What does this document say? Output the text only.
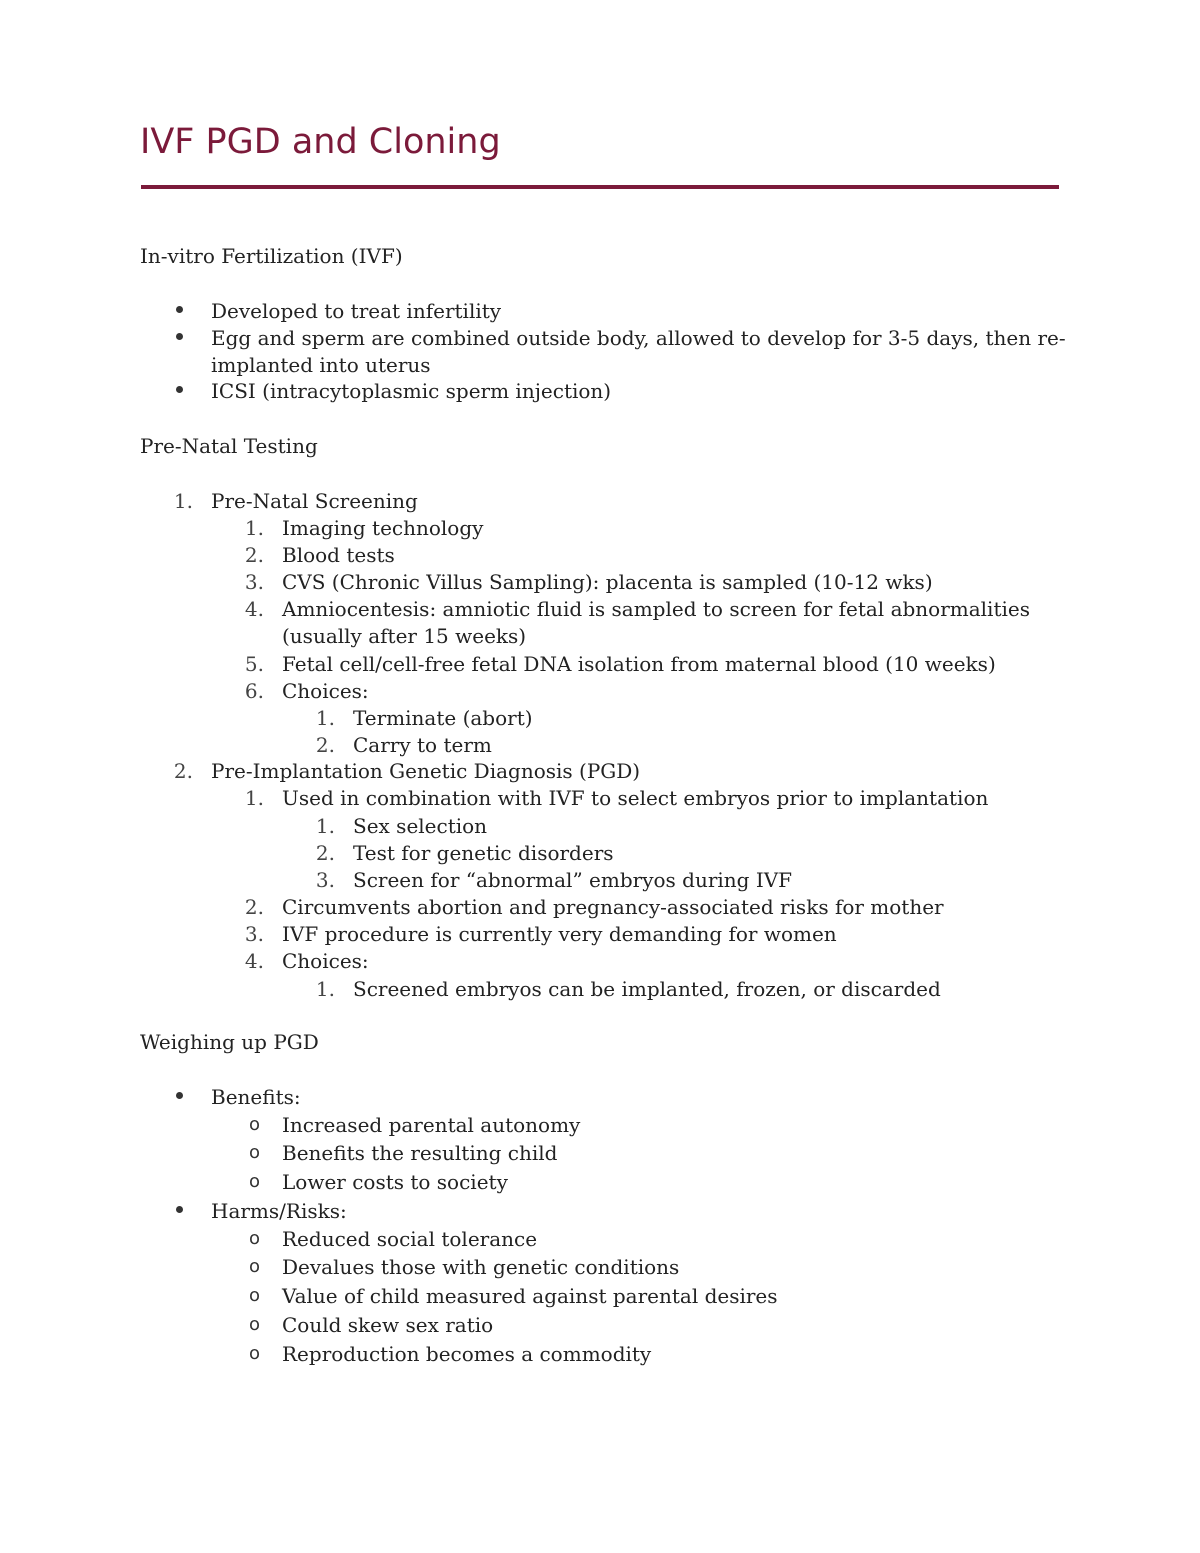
IVF PGD and Cloning
In-vitro Fertilization (IVF)
Developed to treat infertility
Egg and sperm are combined outside body, allowed to develop for 3-5 days, then re-
implanted into uterus
ICSI (intracytoplasmic sperm injection)
Pre-Natal Testing
1. Pre-Natal Screening
1. Imaging technology
2. Blood tests
3. CVS (Chronic Villus Sampling): placenta is sampled (10-12 wks)
4. Amniocentesis: amniotic fluid is sampled to screen for fetal abnormalities
(usually after 15 weeks)
5. Fetal cell/cell-free fetal DNA isolation from maternal blood (10 weeks)
6. Choices:
1. Terminate (abort)
2. Carry to term
2. Pre-Implantation Genetic Diagnosis (PGD)
1. Used in combination with IVF to select embryos prior to implantation
1. Sex selection
2. Test for genetic disorders
3. Screen for “abnormal” embryos during IVF
2. Circumvents abortion and pregnancy-associated risks for mother
3. IVF procedure is currently very demanding for women
4. Choices:
1. Screened embryos can be implanted, frozen, or discarded
Weighing up PGD
Benefits:
o Increased parental autonomy
o Benefits the resulting child
o Lower costs to society
Harms/Risks:
o Reduced social tolerance
o Devalues those with genetic conditions
o Value of child measured against parental desires
o Could skew sex ratio
o Reproduction becomes a commodity
